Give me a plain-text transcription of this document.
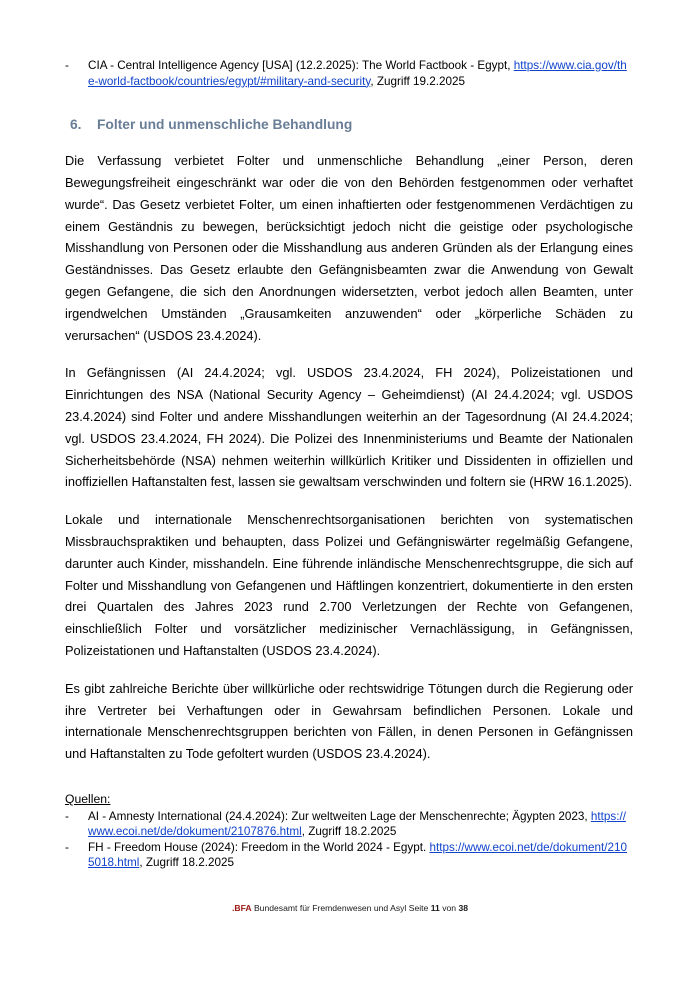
-	CIA - Central Intelligence Agency [USA] (12.2.2025): The World Factbook - Egypt, https://www.cia.gov/the-world-factbook/countries/egypt/#military-and-security, Zugriff 19.2.2025
6.	Folter und unmenschliche Behandlung

Die Verfassung verbietet Folter und unmenschliche Behandlung „einer Person, deren Bewegungsfreiheit eingeschränkt war oder die von den Behörden festgenommen oder verhaftet wurde“. Das Gesetz verbietet Folter, um einen inhaftierten oder festgenommenen Verdächtigen zu einem Geständnis zu bewegen, berücksichtigt jedoch nicht die geistige oder psychologische Misshandlung von Personen oder die Misshandlung aus anderen Gründen als der Erlangung eines Geständnisses. Das Gesetz erlaubte den Gefängnisbeamten zwar die Anwendung von Gewalt gegen Gefangene, die sich den Anordnungen widersetzten, verbot jedoch allen Beamten, unter irgendwelchen Umständen „Grausamkeiten anzuwenden“ oder „körperliche Schäden zu verursachen“ (USDOS 23.4.2024).

In Gefängnissen (AI 24.4.2024; vgl. USDOS 23.4.2024, FH 2024), Polizeistationen und Einrichtungen des NSA (National Security Agency – Geheimdienst) (AI 24.4.2024; vgl. USDOS 23.4.2024) sind Folter und andere Misshandlungen weiterhin an der Tagesordnung (AI 24.4.2024; vgl. USDOS 23.4.2024, FH 2024). Die Polizei des Innenministeriums und Beamte der Nationalen Sicherheitsbehörde (NSA) nehmen weiterhin willkürlich Kritiker und Dissidenten in offiziellen und inoffiziellen Haftanstalten fest, lassen sie gewaltsam verschwinden und foltern sie (HRW 16.1.2025).

Lokale und internationale Menschenrechtsorganisationen berichten von systematischen Missbrauchspraktiken und behaupten, dass Polizei und Gefängniswärter regelmäßig Gefangene, darunter auch Kinder, misshandeln. Eine führende inländische Menschenrechtsgruppe, die sich auf Folter und Misshandlung von Gefangenen und Häftlingen konzentriert, dokumentierte in den ersten drei Quartalen des Jahres 2023 rund 2.700 Verletzungen der Rechte von Gefangenen, einschließlich Folter und vorsätzlicher medizinischer Vernachlässigung, in Gefängnissen, Polizeistationen und Haftanstalten (USDOS 23.4.2024).

Es gibt zahlreiche Berichte über willkürliche oder rechtswidrige Tötungen durch die Regierung oder ihre Vertreter bei Verhaftungen oder in Gewahrsam befindlichen Personen. Lokale und internationale Menschenrechtsgruppen berichten von Fällen, in denen Personen in Gefängnissen und Haftanstalten zu Tode gefoltert wurden (USDOS 23.4.2024).

Quellen:
-	AI - Amnesty International (24.4.2024): Zur weltweiten Lage der Menschenrechte; Ägypten 2023, https://www.ecoi.net/de/dokument/2107876.html, Zugriff 18.2.2025
-	FH - Freedom House (2024): Freedom in the World 2024 - Egypt. https://www.ecoi.net/de/dokument/2105018.html, Zugriff 18.2.2025
.BFA Bundesamt für Fremdenwesen und Asyl Seite 11 von 38
